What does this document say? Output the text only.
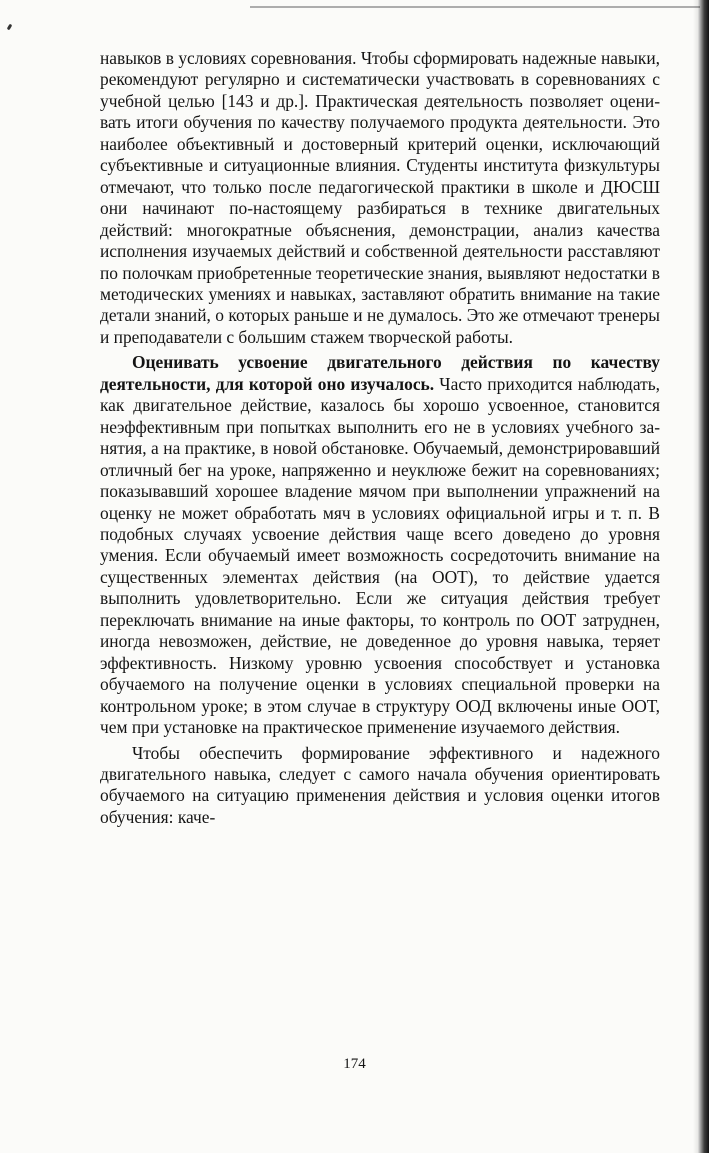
навыков в условиях соревнования. Чтобы сформировать надежные навыки, рекомендуют регулярно и систематически участвовать в соревнованиях с учебной целью [143 и др.]. Практическая деятельность позволяет оценивать итоги обучения по качеству получаемого продукта деятельности. Это наиболее объективный и достоверный критерий оценки, исключающий субъективные и ситуационные влияния. Студенты института физкультуры отмечают, что только после педагогической практики в школе и ДЮСШ они начинают по-настоящему разбираться в технике двигательных действий: многократные объяснения, демонстрации, анализ качества исполнения изучаемых действий и собственной деятельности расставляют по полочкам приобретенные теоретические знания, выявляют недостатки в методических умениях и навыках, заставляют обратить внимание на такие детали знаний, о которых раньше и не думалось. Это же отмечают тренеры и преподаватели с большим стажем творческой работы.

Оценивать усвоение двигательного действия по качеству деятельности, для которой оно изучалось. Часто приходится наблюдать, как двигательное действие, казалось бы хорошо усвоенное, становится неэффективным при попытках выполнить его не в условиях учебного занятия, а на практике, в новой обстановке. Обучаемый, демонстрировавший отличный бег на уроке, напряженно и неуклюже бежит на соревнованиях; показывавший хорошее владение мячом при выполнении упражнений на оценку не может обработать мяч в условиях официальной игры и т. п. В подобных случаях усвоение действия чаще всего доведено до уровня умения. Если обучаемый имеет возможность сосредоточить внимание на существенных элементах действия (на ООТ), то действие удается выполнить удовлетворительно. Если же ситуация действия требует переключать внимание на иные факторы, то контроль по ООТ затруднен, иногда невозможен, действие, не доведенное до уровня навыка, теряет эффективность. Низкому уровню усвоения способствует и установка обучаемого на получение оценки в условиях специальной проверки на контрольном уроке; в этом случае в структуру ООД включены иные ООТ, чем при установке на практическое применение изучаемого действия.

Чтобы обеспечить формирование эффективного и надежного двигательного навыка, следует с самого начала обучения ориентировать обучаемого на ситуацию применения действия и условия оценки итогов обучения: каче-

174
